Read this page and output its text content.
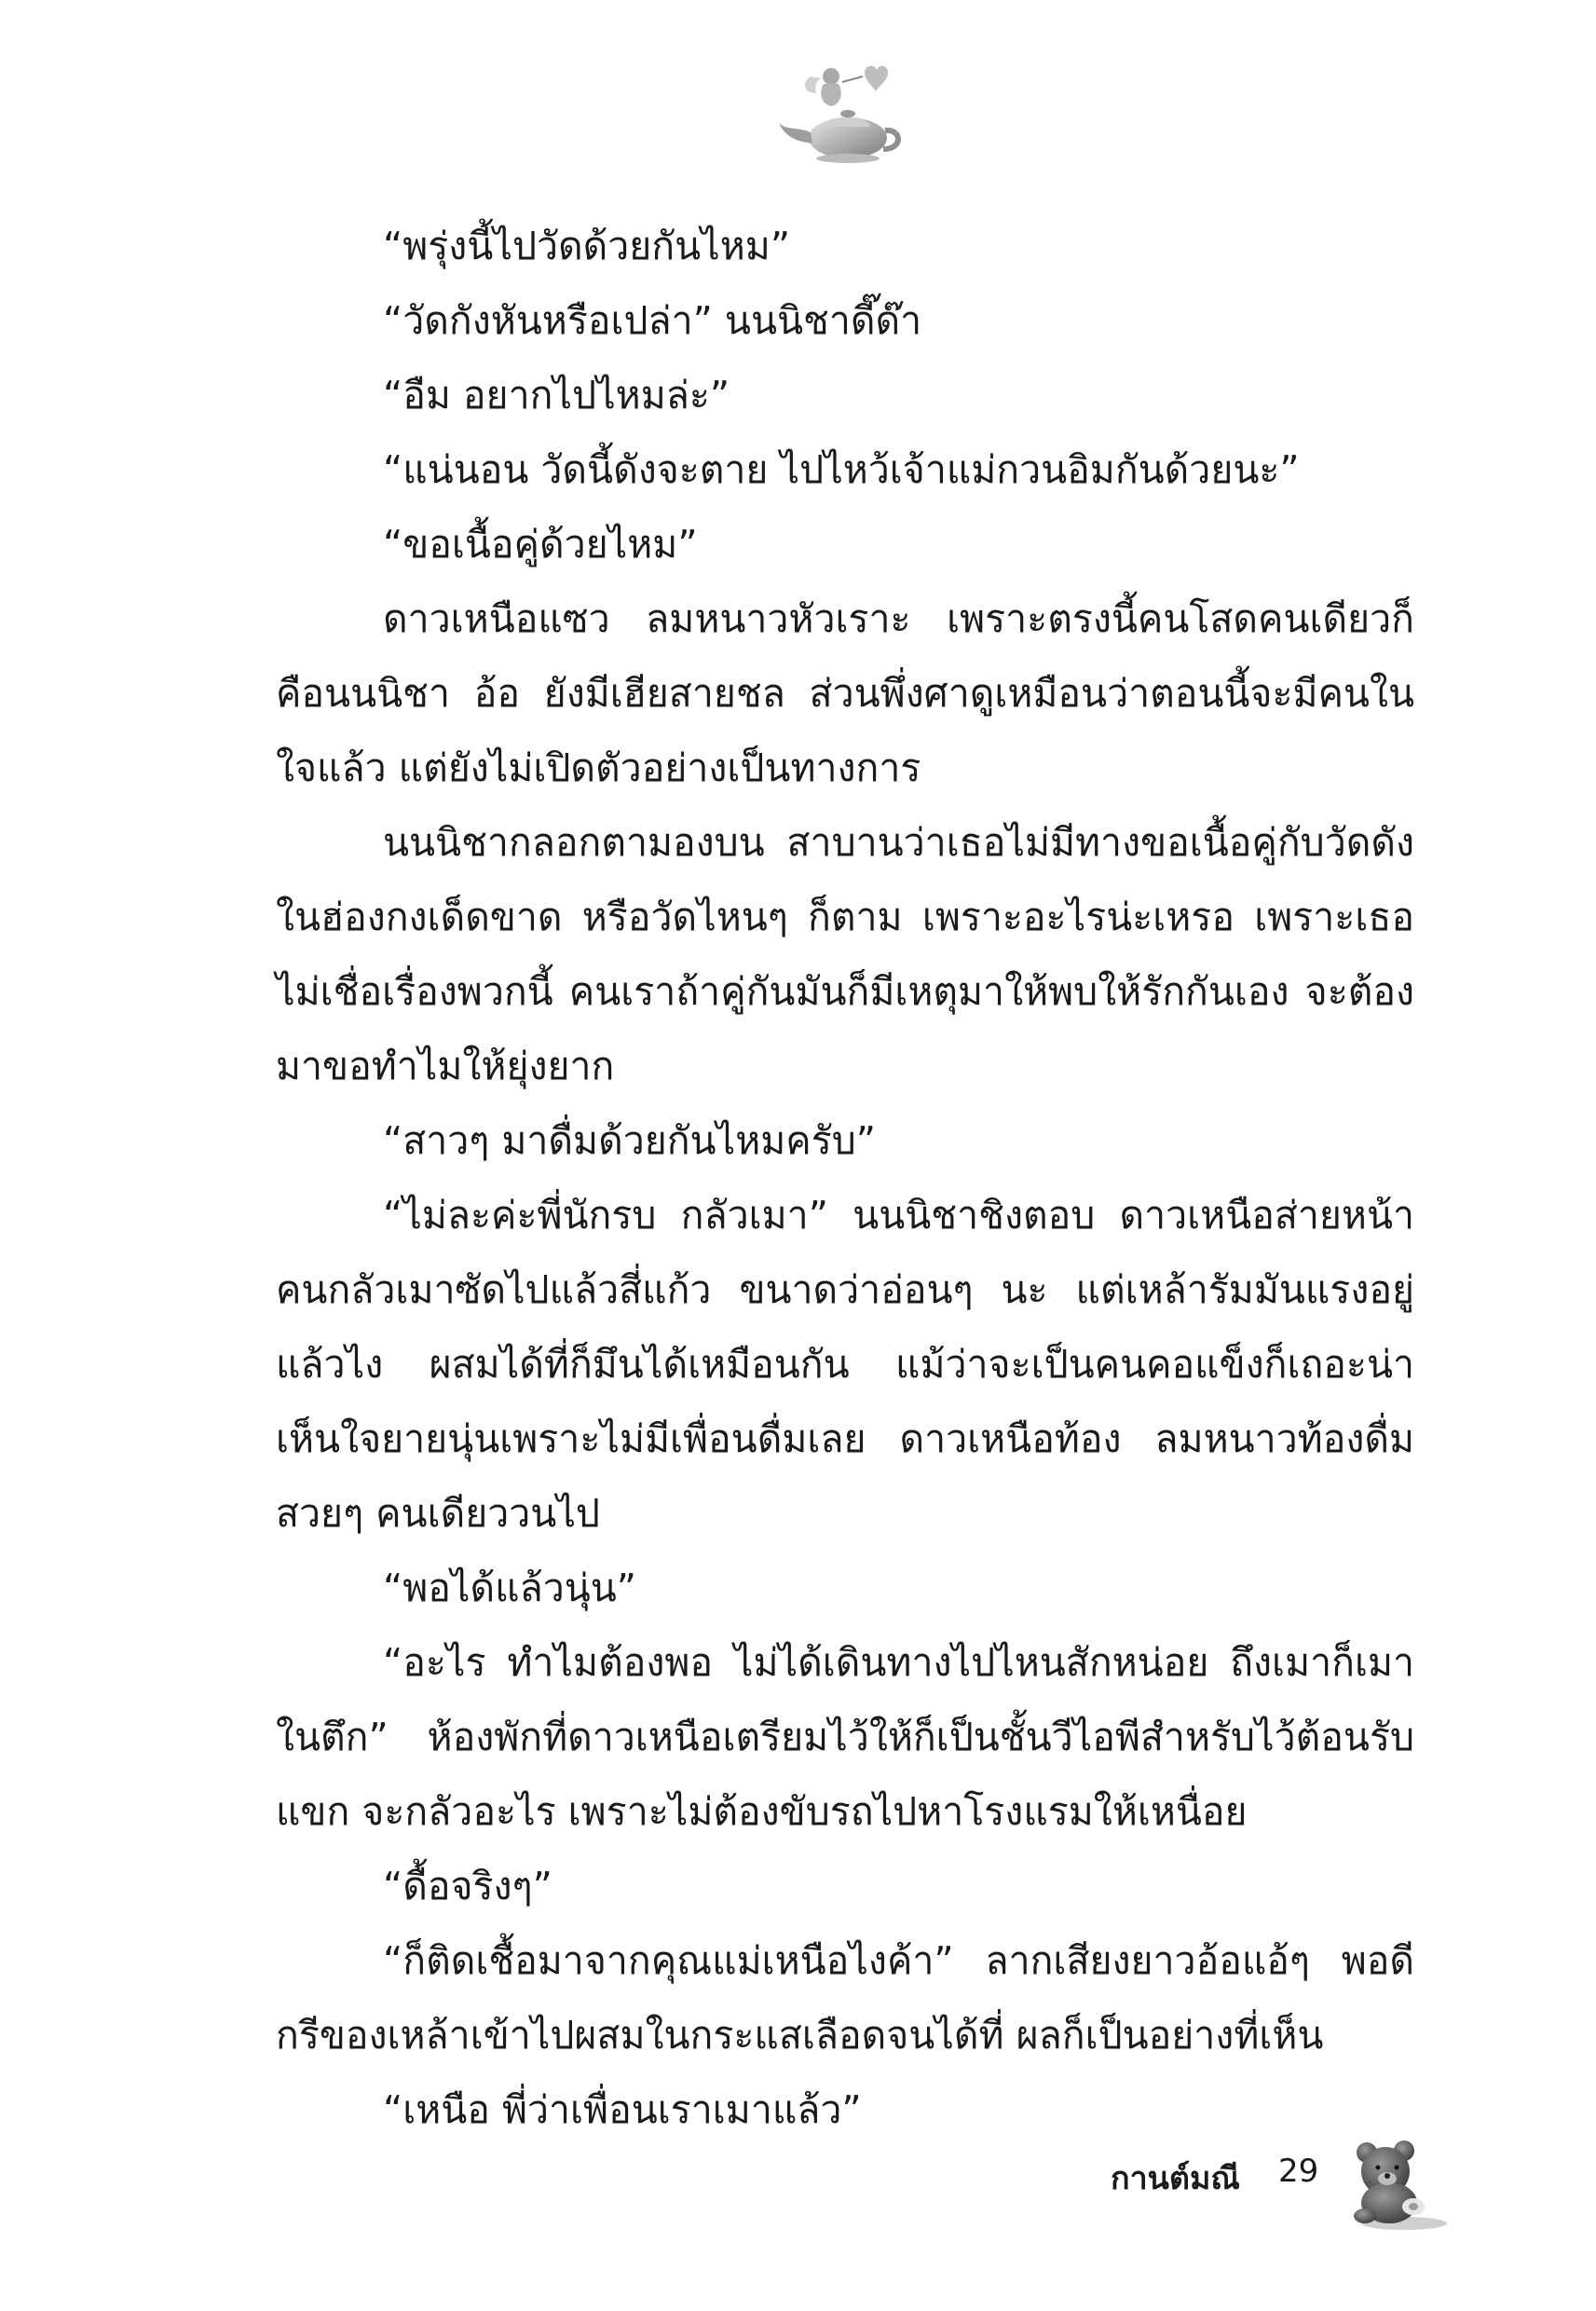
“พรุ่งนี้ไปวัดด้วยกันไหม”

“วัดกังหันหรือเปล่า” นนนิชาดี๊ด๊า

“อืม อยากไปไหมล่ะ”

“แน่นอน วัดนี้ดังจะตาย ไปไหว้เจ้าแม่กวนอิมกันด้วยนะ”

“ขอเนื้อคู่ด้วยไหม”

ดาวเหนือแซว ลมหนาวหัวเราะ เพราะตรงนี้คนโสดคนเดียวก็คือนนนิชา อ้อ ยังมีเฮียสายชล ส่วนพึ่งศาดูเหมือนว่าตอนนี้จะมีคนในใจแล้ว แต่ยังไม่เปิดตัวอย่างเป็นทางการ

นนนิชากลอกตามองบน สาบานว่าเธอไม่มีทางขอเนื้อคู่กับวัดดังในฮ่องกงเด็ดขาด หรือวัดไหนๆ ก็ตาม เพราะอะไรน่ะเหรอ เพราะเธอไม่เชื่อเรื่องพวกนี้ คนเราถ้าคู่กันมันก็มีเหตุมาให้พบให้รักกันเอง จะต้องมาขอทำไมให้ยุ่งยาก

“สาวๆ มาดื่มด้วยกันไหมครับ”

“ไม่ละค่ะพี่นักรบ กลัวเมา” นนนิชาชิงตอบ ดาวเหนือส่ายหน้าคนกลัวเมาซัดไปแล้วสี่แก้ว ขนาดว่าอ่อนๆ นะ แต่เหล้ารัมมันแรงอยู่แล้วไง ผสมได้ที่ก็มึนได้เหมือนกัน แม้ว่าจะเป็นคนคอแข็งก็เถอะน่าเห็นใจยายนุ่นเพราะไม่มีเพื่อนดื่มเลย ดาวเหนือท้อง ลมหนาวท้องดื่มสวยๆ คนเดียววนไป

“พอได้แล้วนุ่น”

“อะไร ทำไมต้องพอ ไม่ได้เดินทางไปไหนสักหน่อย ถึงเมาก็เมาในตึก” ห้องพักที่ดาวเหนือเตรียมไว้ให้ก็เป็นชั้นวีไอพีสำหรับไว้ต้อนรับแขก จะกลัวอะไร เพราะไม่ต้องขับรถไปหาโรงแรมให้เหนื่อย

“ดื้อจริงๆ”

“ก็ติดเชื้อมาจากคุณแม่เหนือไงค้า” ลากเสียงยาวอ้อแอ้ๆ พอดีกรีของเหล้าเข้าไปผสมในกระแสเลือดจนได้ที่ ผลก็เป็นอย่างที่เห็น

“เหนือ พี่ว่าเพื่อนเราเมาแล้ว”

กานต์มณี 29
